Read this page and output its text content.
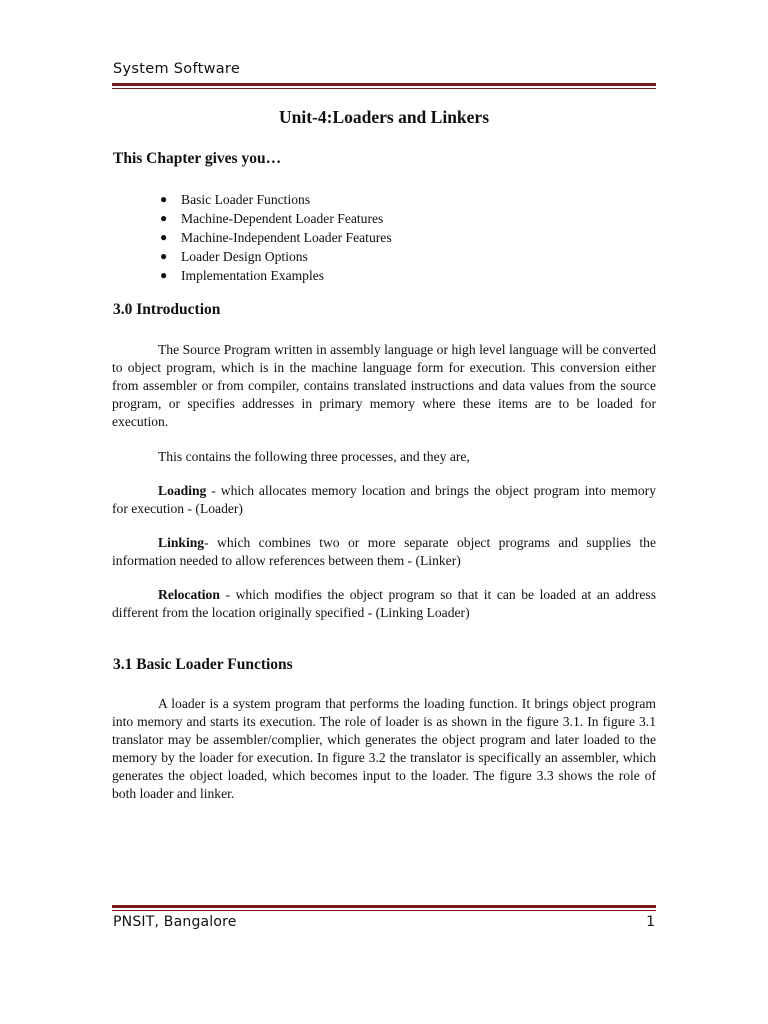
System Software
Unit-4:Loaders and Linkers
This Chapter gives you…
● Basic Loader Functions
● Machine-Dependent Loader Features
● Machine-Independent Loader Features
● Loader Design Options
● Implementation Examples
3.0 Introduction

The Source Program written in assembly language or high level language will be converted to object program, which is in the machine language form for execution. This conversion either from assembler or from compiler, contains translated instructions and data values from the source program, or specifies addresses in primary memory where these items are to be loaded for execution.

This contains the following three processes, and they are,

Loading - which allocates memory location and brings the object program into memory for execution - (Loader)

Linking- which combines two or more separate object programs and supplies the information needed to allow references between them - (Linker)

Relocation - which modifies the object program so that it can be loaded at an address different from the location originally specified - (Linking Loader)

3.1 Basic Loader Functions

A loader is a system program that performs the loading function. It brings object program into memory and starts its execution. The role of loader is as shown in the figure 3.1. In figure 3.1 translator may be assembler/complier, which generates the object program and later loaded to the memory by the loader for execution. In figure 3.2 the translator is specifically an assembler, which generates the object loaded, which becomes input to the loader. The figure 3.3 shows the role of both loader and linker.

PNSIT, Bangalore	1
